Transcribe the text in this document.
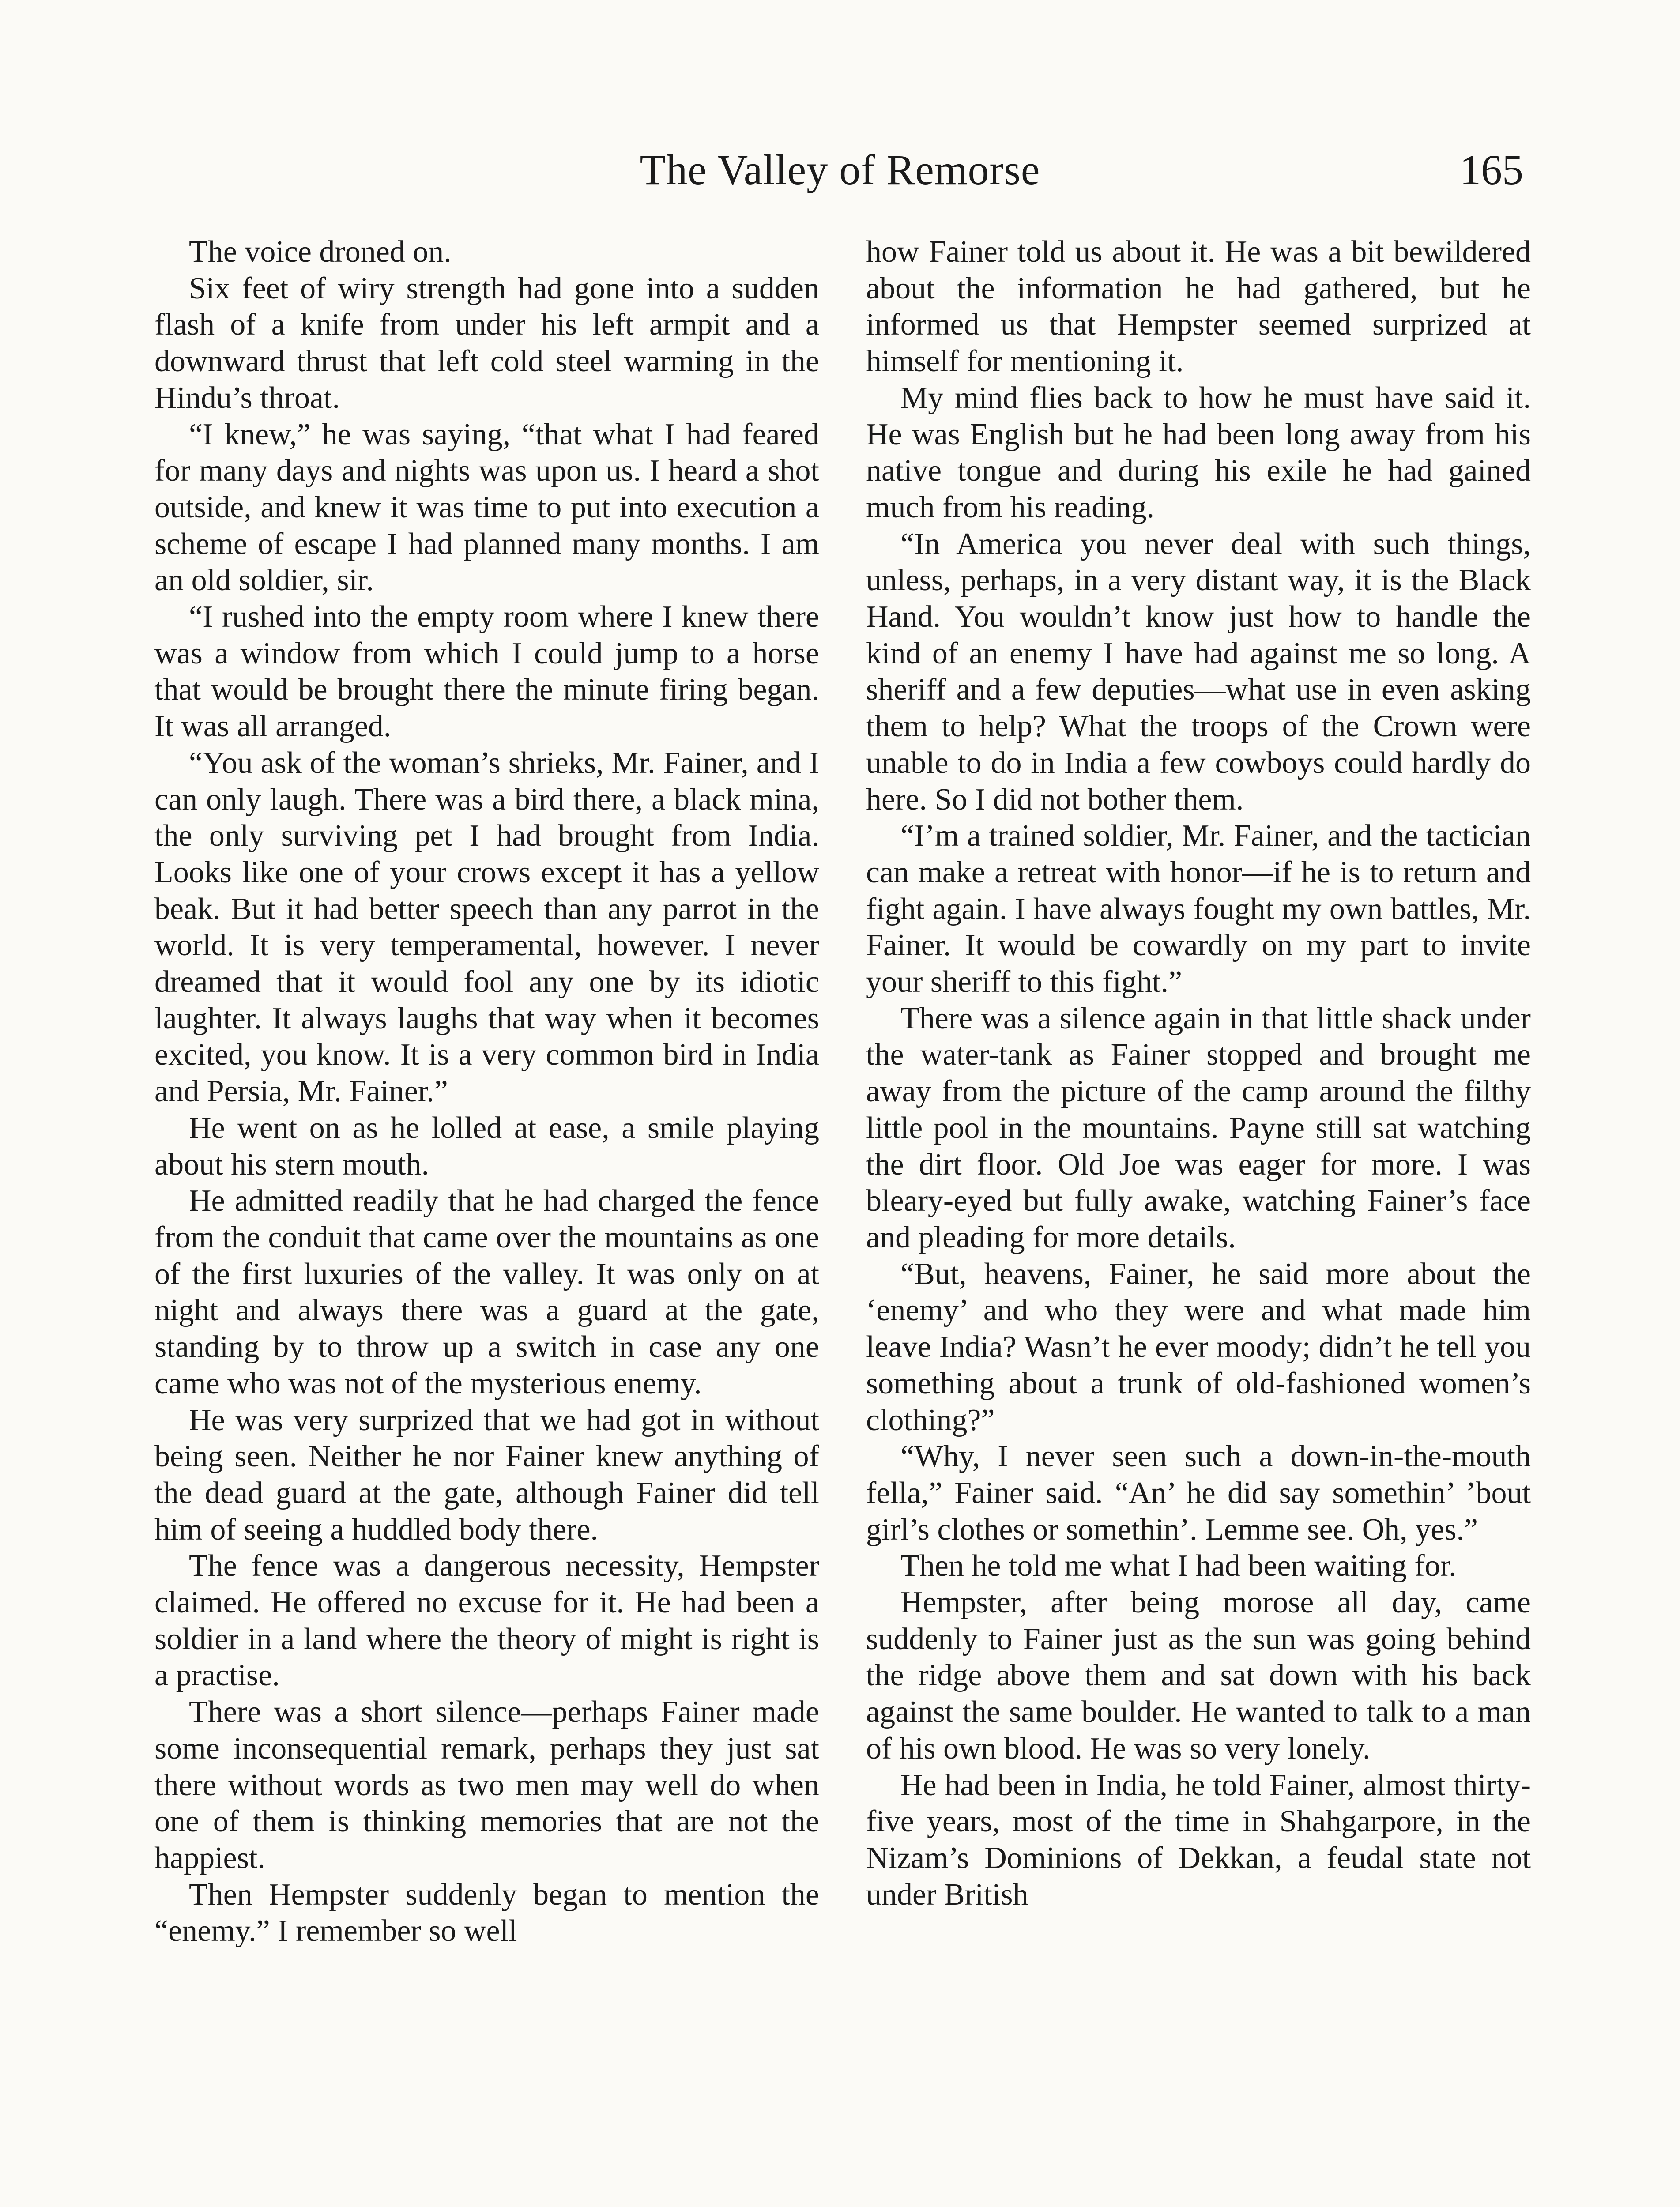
The Valley of Remorse	165

The voice droned on.

Six feet of wiry strength had gone into a sudden flash of a knife from under his left armpit and a downward thrust that left cold steel warming in the Hindu’s throat.

“I knew,” he was saying, “that what I had feared for many days and nights was upon us. I heard a shot outside, and knew it was time to put into execution a scheme of escape I had planned many months. I am an old soldier, sir.

“I rushed into the empty room where I knew there was a window from which I could jump to a horse that would be brought there the minute firing began. It was all arranged.

“You ask of the woman’s shrieks, Mr. Fainer, and I can only laugh. There was a bird there, a black mina, the only surviving pet I had brought from India. Looks like one of your crows except it has a yellow beak. But it had better speech than any parrot in the world. It is very temperamental, however. I never dreamed that it would fool any one by its idiotic laughter. It always laughs that way when it becomes excited, you know. It is a very common bird in India and Persia, Mr. Fainer.”

He went on as he lolled at ease, a smile playing about his stern mouth.

He admitted readily that he had charged the fence from the conduit that came over the mountains as one of the first luxuries of the valley. It was only on at night and always there was a guard at the gate, standing by to throw up a switch in case any one came who was not of the mysterious enemy.

He was very surprized that we had got in without being seen. Neither he nor Fainer knew anything of the dead guard at the gate, although Fainer did tell him of seeing a huddled body there.

The fence was a dangerous necessity, Hempster claimed. He offered no excuse for it. He had been a soldier in a land where the theory of might is right is a practise.

There was a short silence—perhaps Fainer made some inconsequential remark, perhaps they just sat there without words as two men may well do when one of them is thinking memories that are not the happiest.

Then Hempster suddenly began to mention the “enemy.” I remember so well

how Fainer told us about it. He was a bit bewildered about the information he had gathered, but he informed us that Hempster seemed surprized at himself for mentioning it.

My mind flies back to how he must have said it. He was English but he had been long away from his native tongue and during his exile he had gained much from his reading.

“In America you never deal with such things, unless, perhaps, in a very distant way, it is the Black Hand. You wouldn’t know just how to handle the kind of an enemy I have had against me so long. A sheriff and a few deputies—what use in even asking them to help? What the troops of the Crown were unable to do in India a few cowboys could hardly do here. So I did not bother them.

“I’m a trained soldier, Mr. Fainer, and the tactician can make a retreat with honor—if he is to return and fight again. I have always fought my own battles, Mr. Fainer. It would be cowardly on my part to invite your sheriff to this fight.”

There was a silence again in that little shack under the water-tank as Fainer stopped and brought me away from the picture of the camp around the filthy little pool in the mountains. Payne still sat watching the dirt floor. Old Joe was eager for more. I was bleary-eyed but fully awake, watching Fainer’s face and pleading for more details.

“But, heavens, Fainer, he said more about the ‘enemy’ and who they were and what made him leave India? Wasn’t he ever moody; didn’t he tell you something about a trunk of old-fashioned women’s clothing?”

“Why, I never seen such a down-in-the-mouth fella,” Fainer said. “An’ he did say somethin’ ’bout girl’s clothes or somethin’. Lemme see. Oh, yes.”

Then he told me what I had been waiting for.

Hempster, after being morose all day, came suddenly to Fainer just as the sun was going behind the ridge above them and sat down with his back against the same boulder. He wanted to talk to a man of his own blood. He was so very lonely.

He had been in India, he told Fainer, almost thirty-five years, most of the time in Shahgarpore, in the Nizam’s Dominions of Dekkan, a feudal state not under British
